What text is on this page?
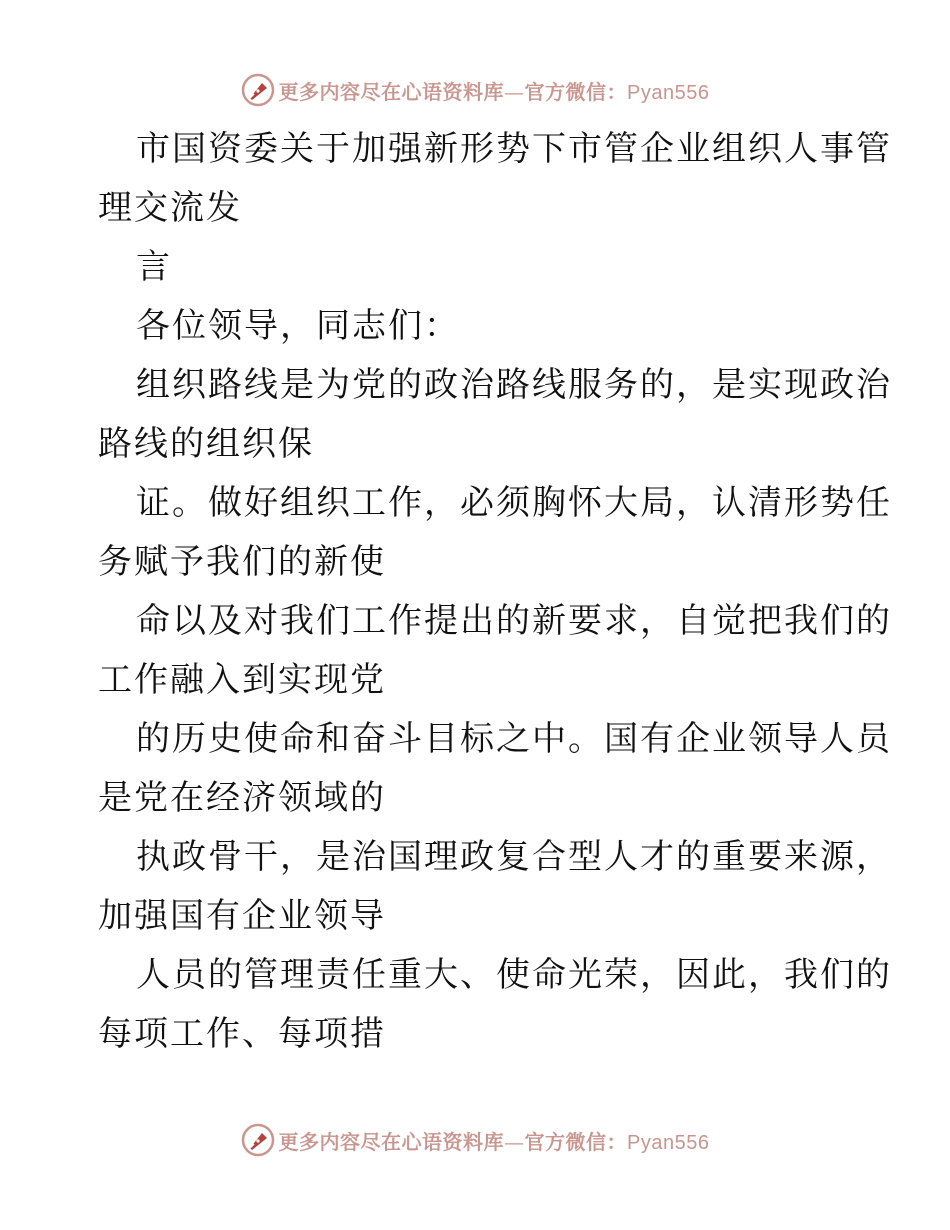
更多内容尽在心语资料库—官方微信：Pyan556
市国资委关于加强新形势下市管企业组织人事管
理交流发
言
各位领导，同志们：
组织路线是为党的政治路线服务的，是实现政治
路线的组织保
证。做好组织工作，必须胸怀大局，认清形势任
务赋予我们的新使
命以及对我们工作提出的新要求，自觉把我们的
工作融入到实现党
的历史使命和奋斗目标之中。国有企业领导人员
是党在经济领域的
执政骨干，是治国理政复合型人才的重要来源，
加强国有企业领导
人员的管理责任重大、使命光荣，因此，我们的
每项工作、每项措
更多内容尽在心语资料库—官方微信：Pyan556
